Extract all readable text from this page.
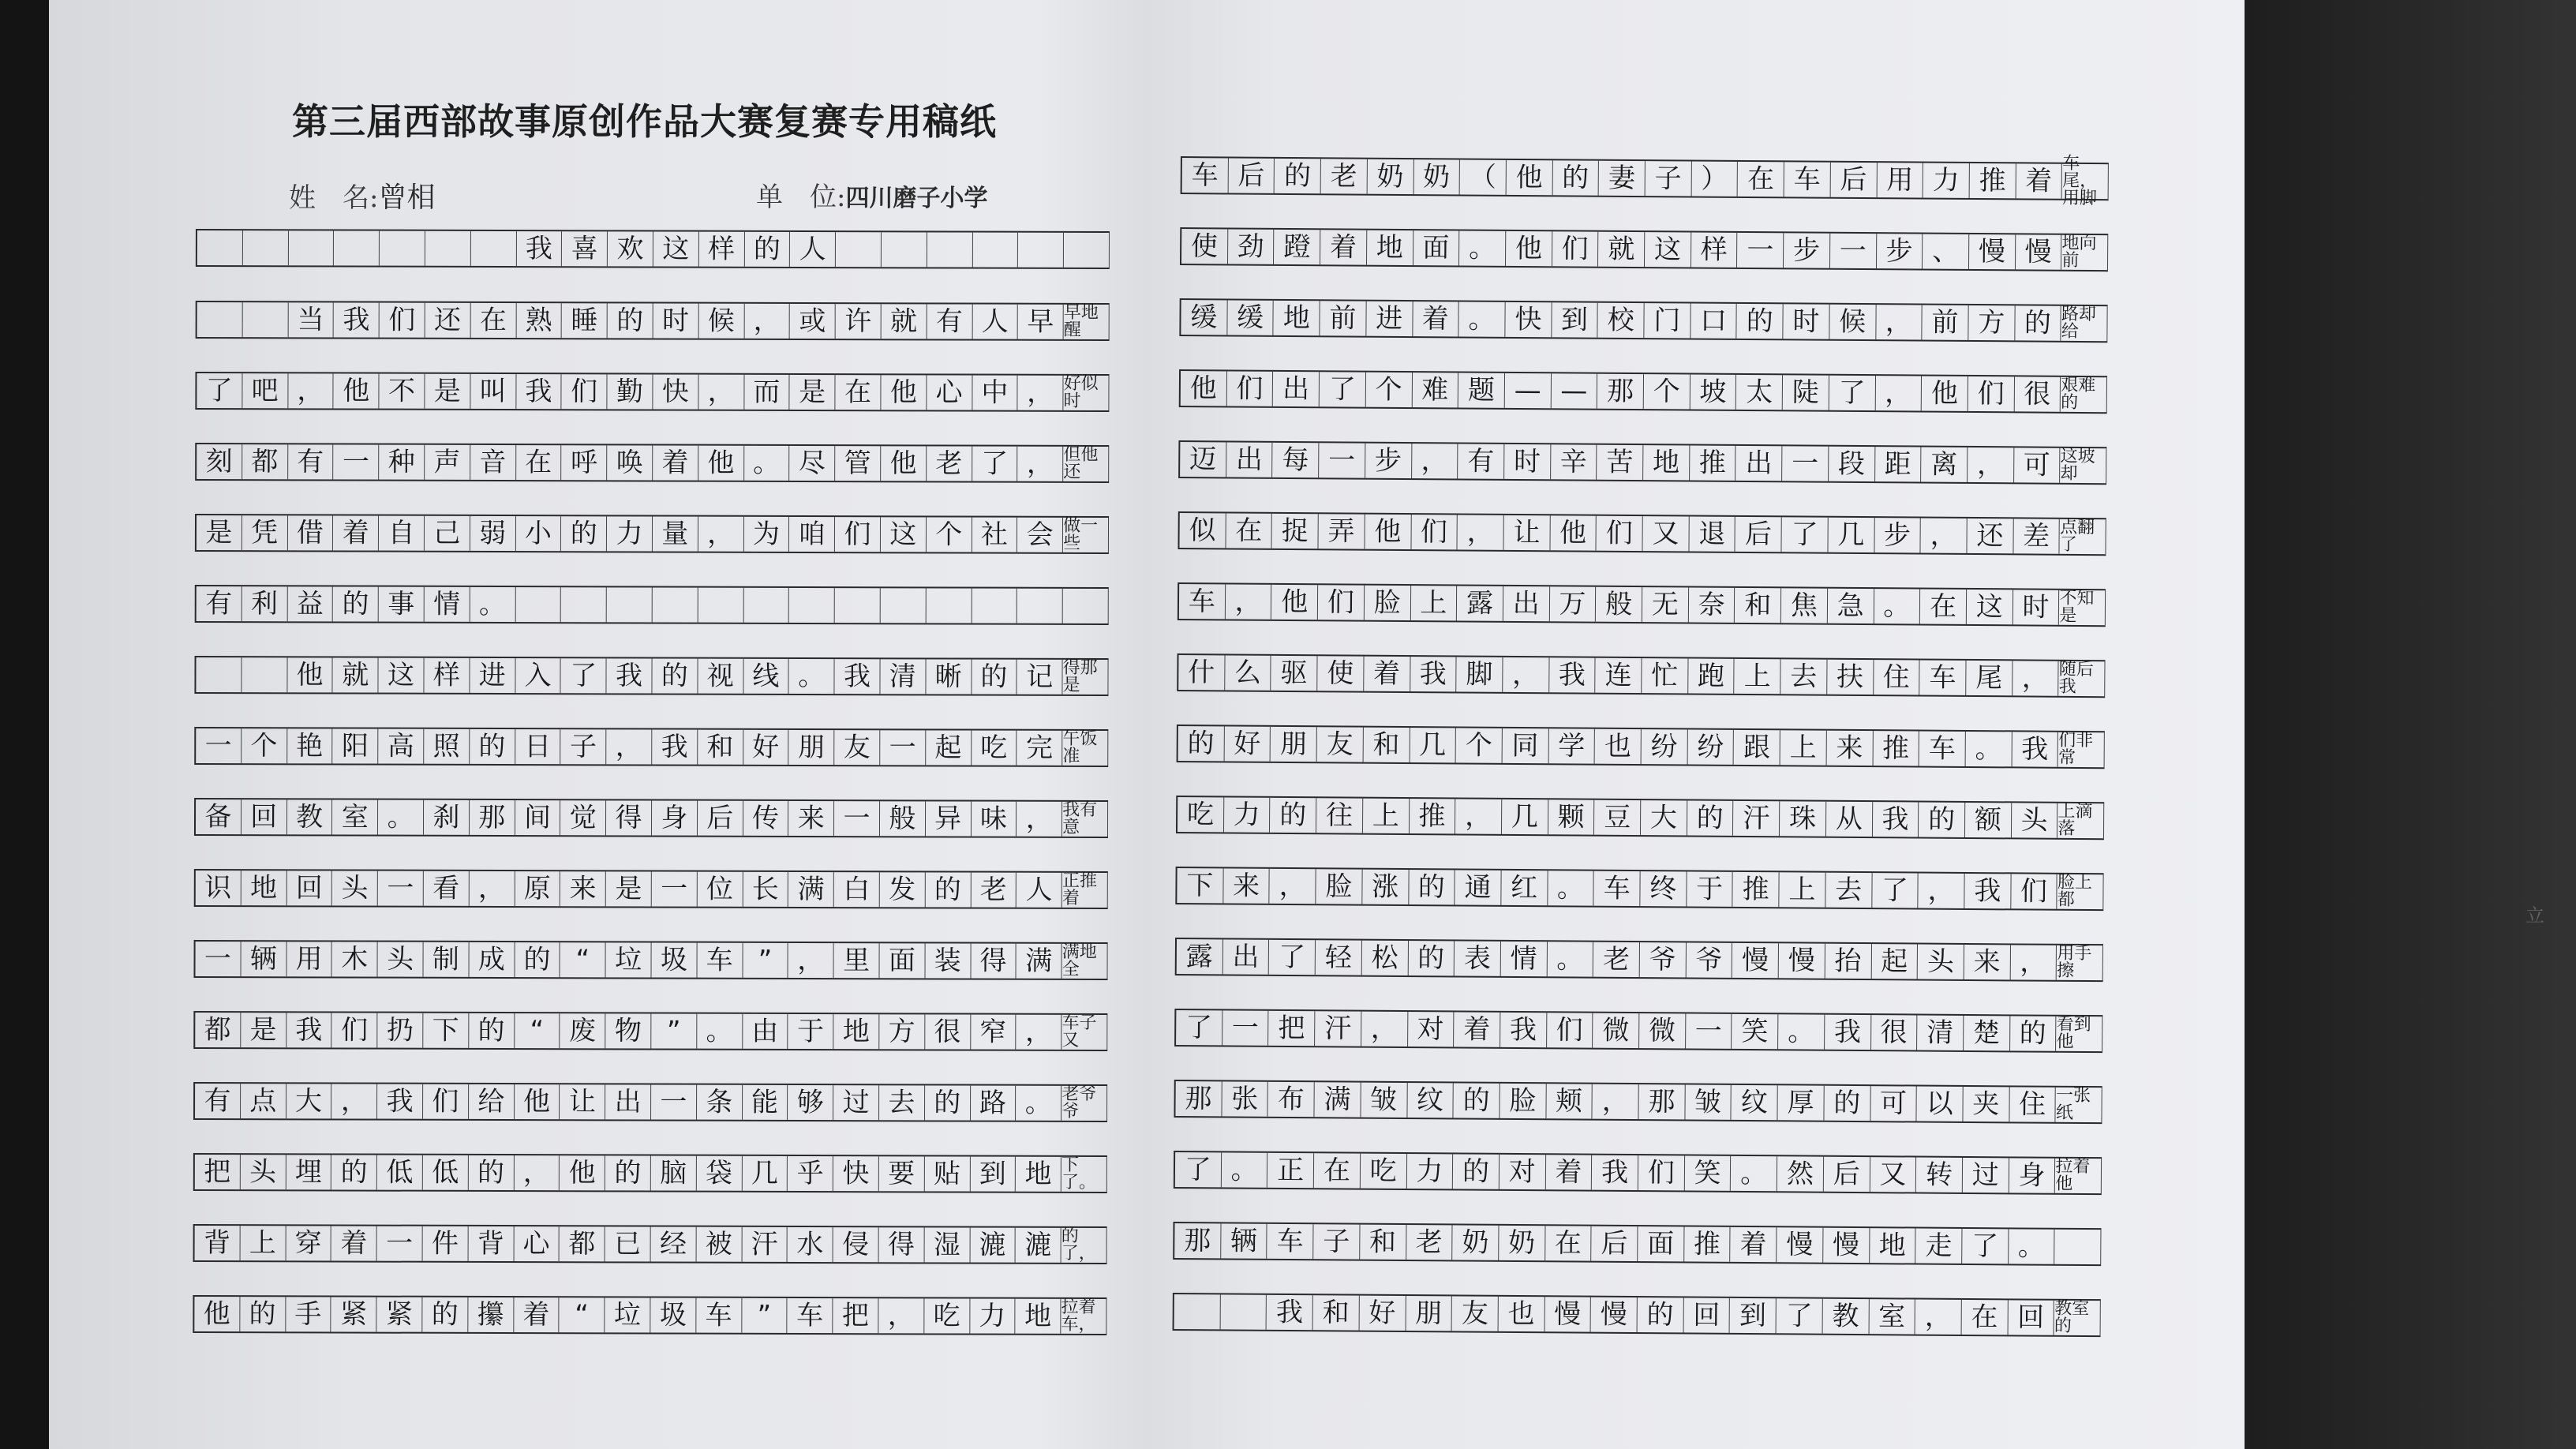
立
第三届西部故事原创作品大赛复赛专用稿纸
姓　名:曾相	单　位:四川磨子小学
我 喜 欢 这 样 的 人
当 我 们 还 在 熟 睡 的 时 候 ， 或 许 就 有 人 早 早地醒
了 吧 ， 他 不 是 叫 我 们 勤 快 ， 而 是 在 他 心 中 ， 好似时
刻 都 有 一 种 声 音 在 呼 唤 着 他 。 尽 管 他 老 了 ， 但他还
是 凭 借 着 自 己 弱 小 的 力 量 ， 为 咱 们 这 个 社 会 做一些
有 利 益 的 事 情 。
他 就 这 样 进 入 了 我 的 视 线 。 我 清 晰 的 记 得那是
一 个 艳 阳 高 照 的 日 子 ， 我 和 好 朋 友 一 起 吃 完 午饭准
备 回 教 室 。 刹 那 间 觉 得 身 后 传 来 一 般 异 味 ， 我有意
识 地 回 头 一 看 ， 原 来 是 一 位 长 满 白 发 的 老 人 正推着
一 辆 用 木 头 制 成 的 “ 垃 圾 车 ” ， 里 面 装 得 满 满地全
都 是 我 们 扔 下 的 “ 废 物 ” 。 由 于 地 方 很 窄 ， 车子又
有 点 大 ， 我 们 给 他 让 出 一 条 能 够 过 去 的 路 。 老爷爷
把 头 埋 的 低 低 的 ， 他 的 脑 袋 几 乎 快 要 贴 到 地 下了。
背 上 穿 着 一 件 背 心 都 已 经 被 汗 水 侵 得 湿 漉 漉 的了，
他 的 手 紧 紧 的 攥 着 “ 垃 圾 车 ” 车 把 ， 吃 力 地 拉着车，
车 后 的 老 奶 奶 （ 他 的 妻 子 ） 在 车 后 用 力 推 着
车尾，用脚
使 劲 蹬 着 地 面 。 他 们 就 这 样 一 步 一 步 、 慢 慢 地向前
缓 缓 地 前 进 着 。 快 到 校 门 口 的 时 候 ， 前 方 的 路却给
他 们 出 了 个 难 题 — — 那 个 坡 太 陡 了 ， 他 们 很 艰难的
迈 出 每 一 步 ， 有 时 辛 苦 地 推 出 一 段 距 离 ， 可 这坡却
似 在 捉 弄 他 们 ， 让 他 们 又 退 后 了 几 步 ， 还 差 点翻了
车 ， 他 们 脸 上 露 出 万 般 无 奈 和 焦 急 。 在 这 时 不知是
什 么 驱 使 着 我 脚 ， 我 连 忙 跑 上 去 扶 住 车 尾 ， 随后我
的 好 朋 友 和 几 个 同 学 也 纷 纷 跟 上 来 推 车 。 我 们非常
吃 力 的 往 上 推 ， 几 颗 豆 大 的 汗 珠 从 我 的 额 头 上滴落
下 来 ， 脸 涨 的 通 红 。 车 终 于 推 上 去 了 ， 我 们 脸上都
露 出 了 轻 松 的 表 情 。 老 爷 爷 慢 慢 抬 起 头 来 ， 用手擦
了 一 把 汗 ， 对 着 我 们 微 微 一 笑 。 我 很 清 楚 的 看到他
那 张 布 满 皱 纹 的 脸 颊 ， 那 皱 纹 厚 的 可 以 夹 住 一张纸
了 。 正 在 吃 力 的 对 着 我 们 笑 。 然 后 又 转 过 身 拉着他
那 辆 车 子 和 老 奶 奶 在 后 面 推 着 慢 慢 地 走 了 。
我 和 好 朋 友 也 慢 慢 的 回 到 了 教 室 ， 在 回 教室的
